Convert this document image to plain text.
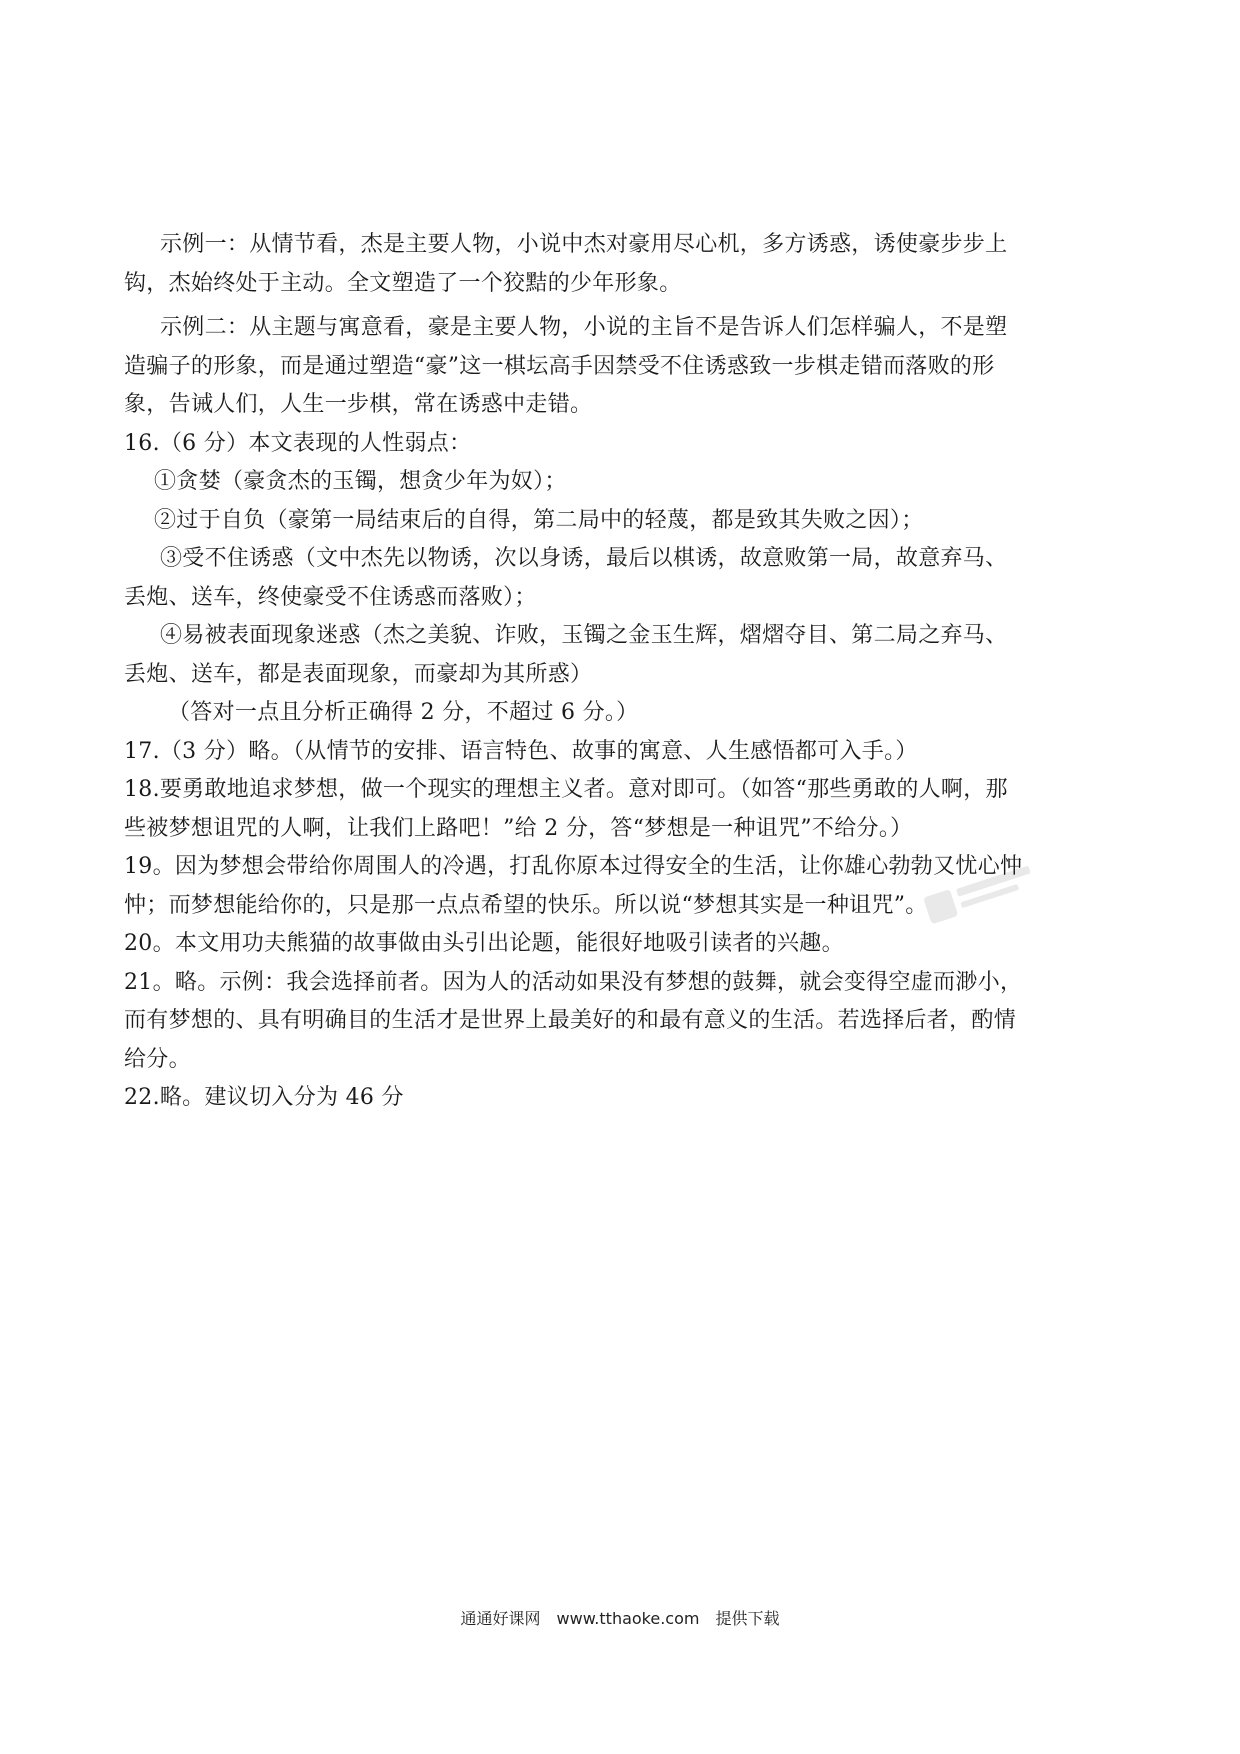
示例一：从情节看，杰是主要人物，小说中杰对豪用尽心机，多方诱惑，诱使豪步步上
钩，杰始终处于主动。全文塑造了一个狡黠的少年形象。
示例二：从主题与寓意看，豪是主要人物，小说的主旨不是告诉人们怎样骗人，不是塑
造骗子的形象，而是通过塑造“豪”这一棋坛高手因禁受不住诱惑致一步棋走错而落败的形
象，告诫人们，人生一步棋，常在诱惑中走错。
16.（6 分）本文表现的人性弱点：
①贪婪（豪贪杰的玉镯，想贪少年为奴）；
②过于自负（豪第一局结束后的自得，第二局中的轻蔑，都是致其失败之因）；
③受不住诱惑（文中杰先以物诱，次以身诱，最后以棋诱，故意败第一局，故意弃马、
丢炮、送车，终使豪受不住诱惑而落败）；
④易被表面现象迷惑（杰之美貌、诈败，玉镯之金玉生辉，熠熠夺目、第二局之弃马、
丢炮、送车，都是表面现象，而豪却为其所惑）
（答对一点且分析正确得 2 分，不超过 6 分。）
17.（3 分）略。（从情节的安排、语言特色、故事的寓意、人生感悟都可入手。）
18.要勇敢地追求梦想，做一个现实的理想主义者。意对即可。（如答“那些勇敢的人啊，那
些被梦想诅咒的人啊，让我们上路吧！”给 2 分，答“梦想是一种诅咒”不给分。）
19。因为梦想会带给你周围人的冷遇，打乱你原本过得安全的生活，让你雄心勃勃又忧心忡
忡；而梦想能给你的，只是那一点点希望的快乐。所以说“梦想其实是一种诅咒”。
20。本文用功夫熊猫的故事做由头引出论题，能很好地吸引读者的兴趣。
21。略。示例：我会选择前者。因为人的活动如果没有梦想的鼓舞，就会变得空虚而渺小，
而有梦想的、具有明确目的生活才是世界上最美好的和最有意义的生活。若选择后者，酌情
给分。
22.略。建议切入分为 46 分
通通好课网　www.tthaoke.com　提供下载
